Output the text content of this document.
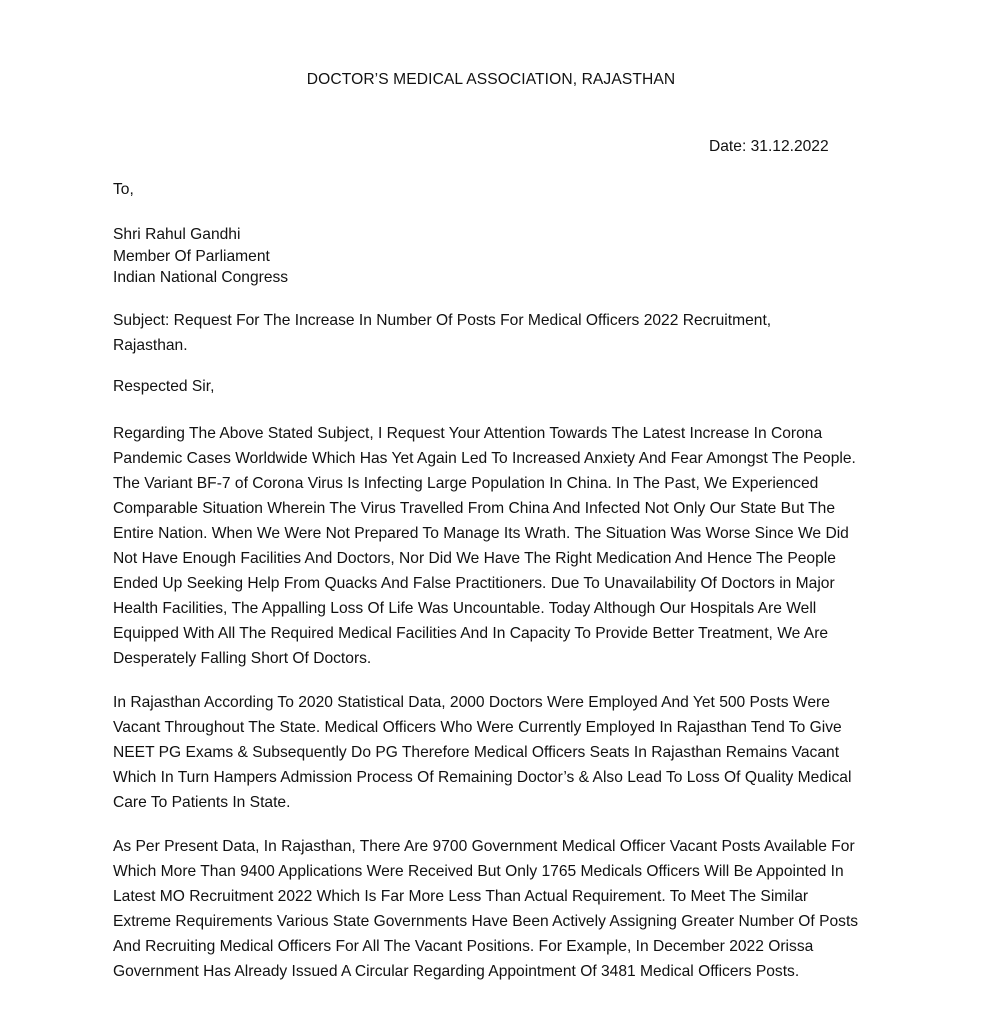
DOCTOR’S MEDICAL ASSOCIATION, RAJASTHAN
Date: 31.12.2022
To,
Shri Rahul Gandhi
Member Of Parliament
Indian National Congress
Subject: Request For The Increase In Number Of Posts For Medical Officers 2022 Recruitment, Rajasthan.
Respected Sir,
Regarding The Above Stated Subject, I Request Your Attention Towards The Latest Increase In Corona Pandemic Cases Worldwide Which Has Yet Again Led To Increased Anxiety And Fear Amongst The People. The Variant BF-7 of Corona Virus Is Infecting Large Population In China. In The Past, We Experienced Comparable Situation Wherein The Virus Travelled From China And Infected Not Only Our State But The Entire Nation. When We Were Not Prepared To Manage Its Wrath. The Situation Was Worse Since We Did Not Have Enough Facilities And Doctors, Nor Did We Have The Right Medication And Hence The People Ended Up Seeking Help From Quacks And False Practitioners. Due To Unavailability Of Doctors in Major Health Facilities, The Appalling Loss Of Life Was Uncountable. Today Although Our Hospitals Are Well Equipped With All The Required Medical Facilities And In Capacity To Provide Better Treatment, We Are Desperately Falling Short Of Doctors.
In Rajasthan According To 2020 Statistical Data, 2000 Doctors Were Employed And Yet 500 Posts Were Vacant Throughout The State. Medical Officers Who Were Currently Employed In Rajasthan Tend To Give NEET PG Exams & Subsequently Do PG Therefore Medical Officers Seats In Rajasthan Remains Vacant Which In Turn Hampers Admission Process Of Remaining Doctor’s & Also Lead To Loss Of Quality Medical Care To Patients In State.
As Per Present Data, In Rajasthan, There Are 9700 Government Medical Officer Vacant Posts Available For Which More Than 9400 Applications Were Received But Only 1765 Medicals Officers Will Be Appointed In Latest MO Recruitment 2022 Which Is Far More Less Than Actual Requirement. To Meet The Similar Extreme Requirements Various State Governments Have Been Actively Assigning Greater Number Of Posts And Recruiting Medical Officers For All The Vacant Positions. For Example, In December 2022 Orissa Government Has Already Issued A Circular Regarding Appointment Of 3481 Medical Officers Posts.
